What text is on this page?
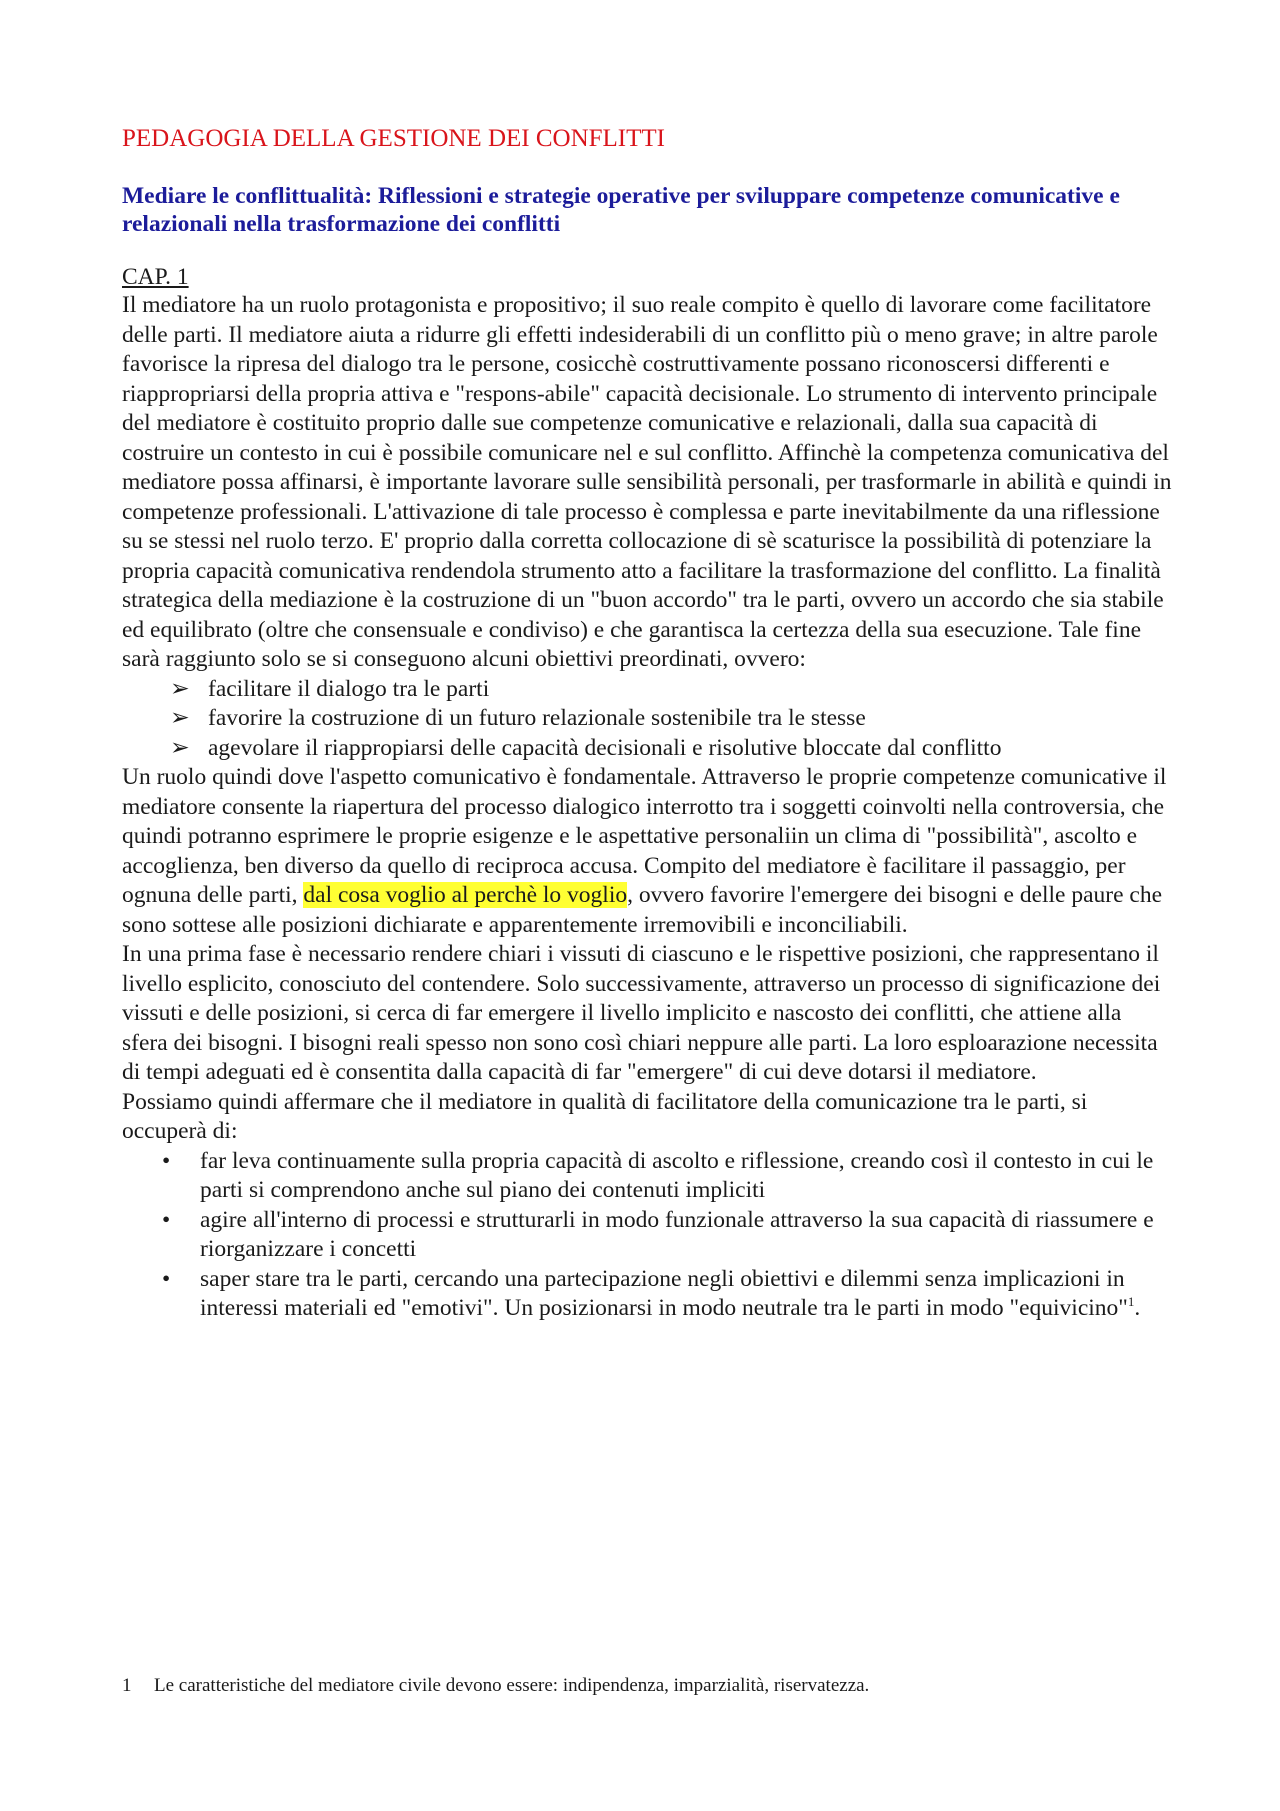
PEDAGOGIA DELLA GESTIONE DEI CONFLITTI

Mediare le conflittualità: Riflessioni e strategie operative per sviluppare competenze comunicative e relazionali nella trasformazione dei conflitti

CAP. 1

Il mediatore ha un ruolo protagonista e propositivo; il suo reale compito è quello di lavorare come facilitatore delle parti. Il mediatore aiuta a ridurre gli effetti indesiderabili di un conflitto più o meno grave; in altre parole favorisce la ripresa del dialogo tra le persone, cosicchè costruttivamente possano riconoscersi differenti e riappropriarsi della propria attiva e "respons-abile" capacità decisionale. Lo strumento di intervento principale del mediatore è costituito proprio dalle sue competenze comunicative e relazionali, dalla sua capacità di costruire un contesto in cui è possibile comunicare nel e sul conflitto. Affinchè la competenza comunicativa del mediatore possa affinarsi, è importante lavorare sulle sensibilità personali, per trasformarle in abilità e quindi in competenze professionali. L'attivazione di tale processo è complessa e parte inevitabilmente da una riflessione su se stessi nel ruolo terzo. E' proprio dalla corretta collocazione di sè scaturisce la possibilità di potenziare la propria capacità comunicativa rendendola strumento atto a facilitare la trasformazione del conflitto. La finalità strategica della mediazione è la costruzione di un "buon accordo" tra le parti, ovvero un accordo che sia stabile ed equilibrato (oltre che consensuale e condiviso) e che garantisca la certezza della sua esecuzione. Tale fine sarà raggiunto solo se si conseguono alcuni obiettivi preordinati, ovvero:

➢ facilitare il dialogo tra le parti
➢ favorire la costruzione di un futuro relazionale sostenibile tra le stesse
➢ agevolare il riappropiarsi delle capacità decisionali e risolutive bloccate dal conflitto

Un ruolo quindi dove l'aspetto comunicativo è fondamentale. Attraverso le proprie competenze comunicative il mediatore consente la riapertura del processo dialogico interrotto tra i soggetti coinvolti nella controversia, che quindi potranno esprimere le proprie esigenze e le aspettative personaliin un clima di "possibilità", ascolto e accoglienza, ben diverso da quello di reciproca accusa. Compito del mediatore è facilitare il passaggio, per ognuna delle parti, dal cosa voglio al perchè lo voglio, ovvero favorire l'emergere dei bisogni e delle paure che sono sottese alle posizioni dichiarate e apparentemente irremovibili e inconciliabili.

In una prima fase è necessario rendere chiari i vissuti di ciascuno e le rispettive posizioni, che rappresentano il livello esplicito, conosciuto del contendere. Solo successivamente, attraverso un processo di significazione dei vissuti e delle posizioni, si cerca di far emergere il livello implicito e nascosto dei conflitti, che attiene alla sfera dei bisogni. I bisogni reali spesso non sono così chiari neppure alle parti. La loro esploarazione necessita di tempi adeguati ed è consentita dalla capacità di far "emergere" di cui deve dotarsi il mediatore.

Possiamo quindi affermare che il mediatore in qualità di facilitatore della comunicazione tra le parti, si occuperà di:

• far leva continuamente sulla propria capacità di ascolto e riflessione, creando così il contesto in cui le parti si comprendono anche sul piano dei contenuti impliciti
• agire all'interno di processi e strutturarli in modo funzionale attraverso la sua capacità di riassumere e riorganizzare i concetti
• saper stare tra le parti, cercando una partecipazione negli obiettivi e dilemmi senza implicazioni in interessi materiali ed "emotivi". Un posizionarsi in modo neutrale tra le parti in modo "equivicino"$^1$.
1 Le caratteristiche del mediatore civile devono essere: indipendenza, imparzialità, riservatezza.
